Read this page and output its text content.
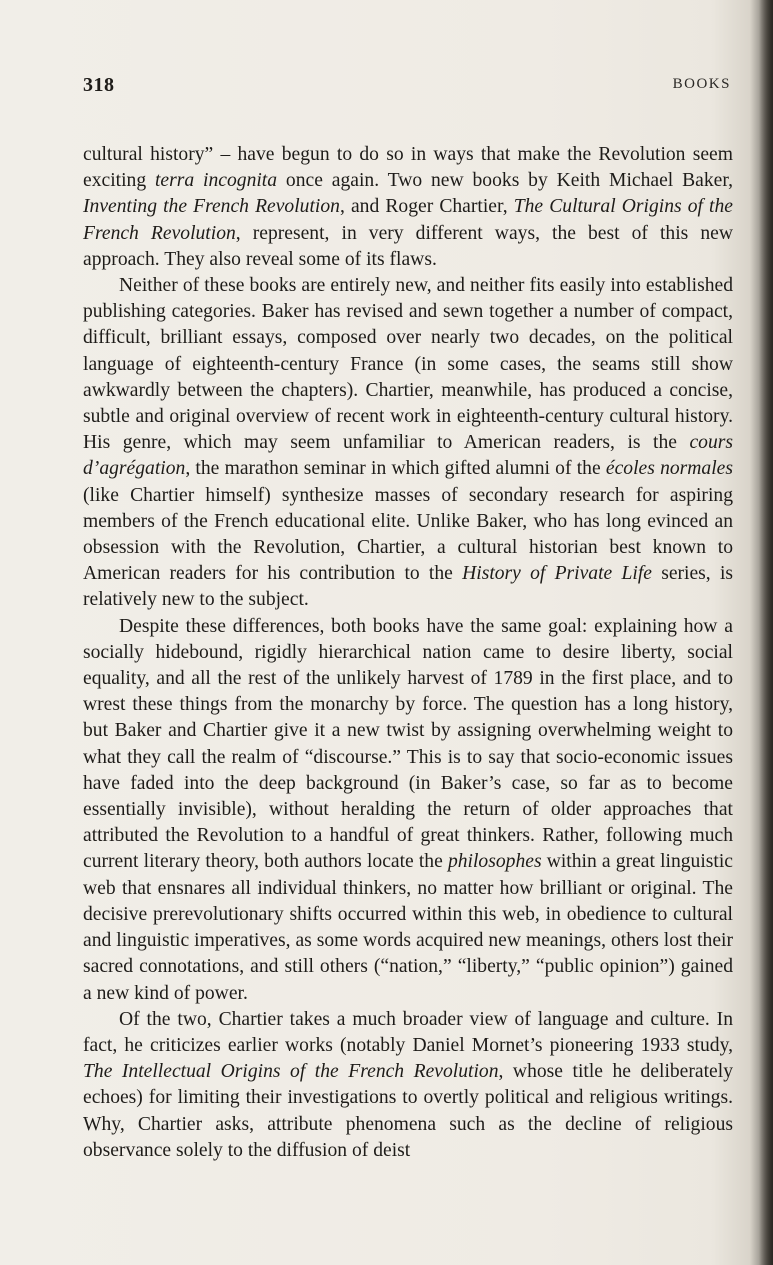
318	BOOKS

cultural history” – have begun to do so in ways that make the Revolution seem exciting terra incognita once again. Two new books by Keith Michael Baker, Inventing the French Revolution, and Roger Chartier, The Cultural Origins of the French Revolution, represent, in very different ways, the best of this new approach. They also reveal some of its flaws.

Neither of these books are entirely new, and neither fits easily into established publishing categories. Baker has revised and sewn together a number of compact, difficult, brilliant essays, composed over nearly two decades, on the political language of eighteenth-century France (in some cases, the seams still show awkwardly between the chapters). Chartier, meanwhile, has produced a concise, subtle and original overview of recent work in eighteenth-century cultural history. His genre, which may seem unfamiliar to American readers, is the cours d’agrégation, the marathon seminar in which gifted alumni of the écoles normales (like Chartier himself) synthesize masses of secondary research for aspiring members of the French educational elite. Unlike Baker, who has long evinced an obsession with the Revolution, Chartier, a cultural historian best known to American readers for his contribution to the History of Private Life series, is relatively new to the subject.

Despite these differences, both books have the same goal: explaining how a socially hidebound, rigidly hierarchical nation came to desire liberty, social equality, and all the rest of the unlikely harvest of 1789 in the first place, and to wrest these things from the monarchy by force. The question has a long history, but Baker and Chartier give it a new twist by assigning overwhelming weight to what they call the realm of “discourse.” This is to say that socio-economic issues have faded into the deep background (in Baker’s case, so far as to become essentially invisible), without heralding the return of older approaches that attributed the Revolution to a handful of great thinkers. Rather, following much current literary theory, both authors locate the philosophes within a great linguistic web that ensnares all individual thinkers, no matter how brilliant or original. The decisive prerevolutionary shifts occurred within this web, in obedience to cultural and linguistic imperatives, as some words acquired new meanings, others lost their sacred connotations, and still others (“nation,” “liberty,” “public opinion”) gained a new kind of power.

Of the two, Chartier takes a much broader view of language and culture. In fact, he criticizes earlier works (notably Daniel Mornet’s pioneering 1933 study, The Intellectual Origins of the French Revolution, whose title he deliberately echoes) for limiting their investigations to overtly political and religious writings. Why, Chartier asks, attribute phenomena such as the decline of religious observance solely to the diffusion of deist
